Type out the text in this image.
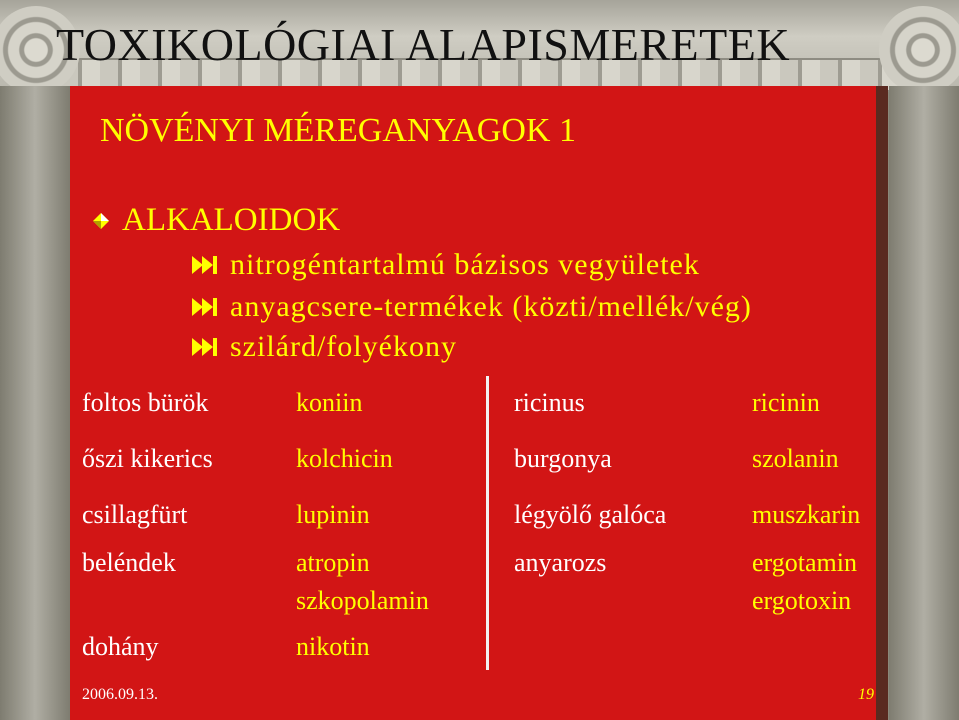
TOXIKOLÓGIAI ALAPISMERETEK
NÖVÉNYI MÉREGANYAGOK 1
ALKALOIDOK
nitrogéntartalmú bázisos vegyületek
anyagcsere-termékek (közti/mellék/vég)
szilárd/folyékony
foltos bürök	koniin
őszi kikerics	kolchicin
csillagfürt	lupinin
beléndek	atropin
szkopolamin
dohány	nikotin
ricinus	ricinin
burgonya	szolanin
légyölő galóca	muszkarin
anyarozs	ergotamin
ergotoxin
2006.09.13.	19
